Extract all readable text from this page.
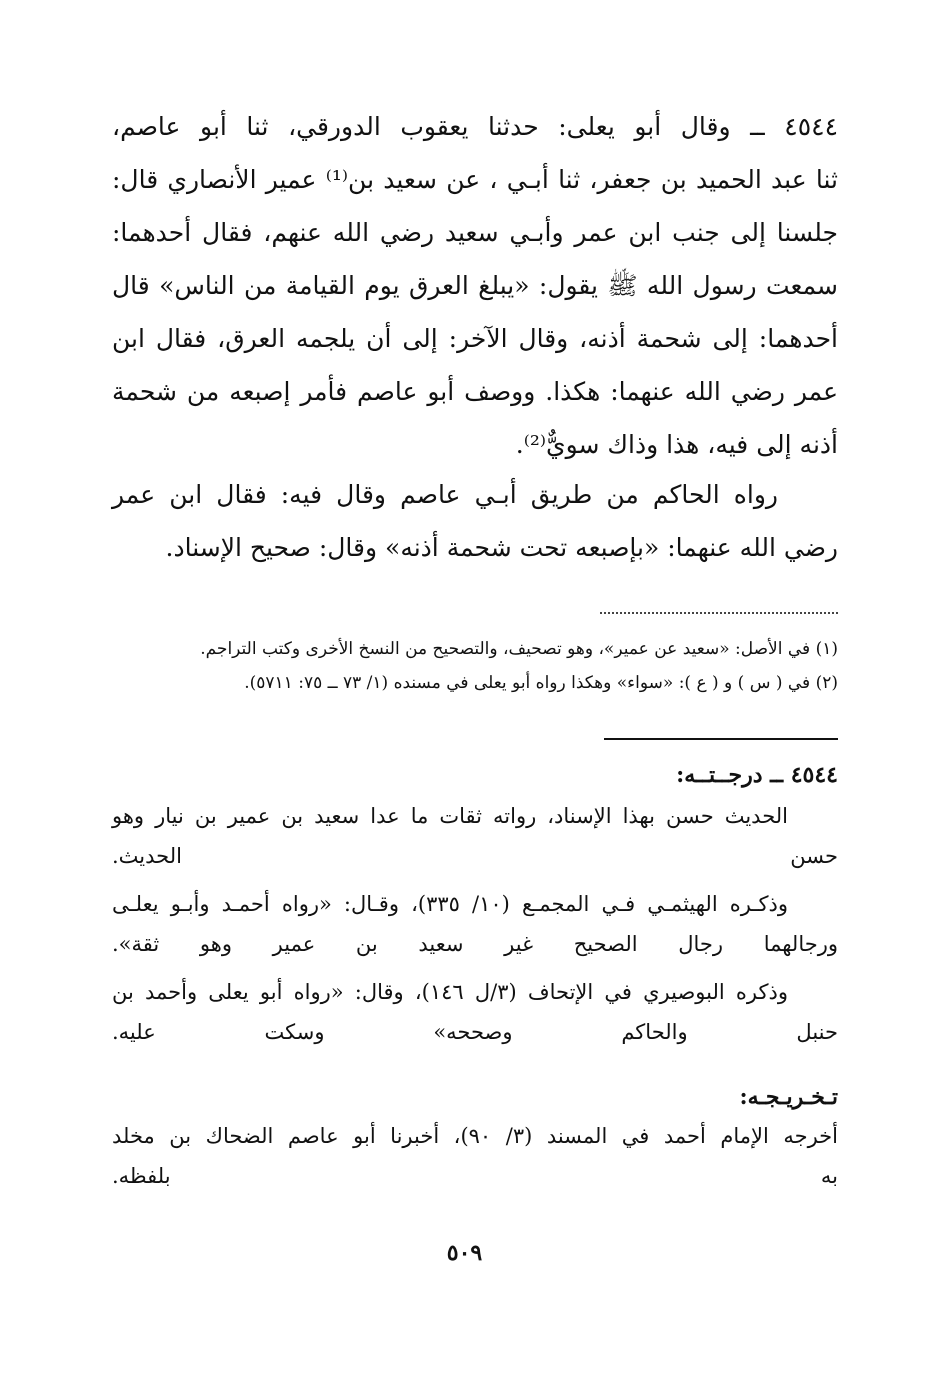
٤٥٤٤ ــ وقال أبو يعلى: حدثنا يعقوب الدورقي، ثنا أبو عاصم،

ثنا عبد الحميد بن جعفر، ثنا أبـي ، عن سعيد بن⁽¹⁾ عمير الأنصاري قال:

جلسنا إلى جنب ابن عمر وأبـي سعيد رضي الله عنهم، فقال أحدهما:

سمعت رسول الله ﷺ يقول: «يبلغ العرق يوم القيامة من الناس» قال

أحدهما: إلى شحمة أذنه، وقال الآخر: إلى أن يلجمه العرق، فقال ابن

عمر رضي الله عنهما: هكذا. ووصف أبو عاصم فأمر إصبعه من شحمة

أذنه إلى فيه، هذا وذاك سويٌّ⁽²⁾.

رواه الحاكم من طريق أبـي عاصم وقال فيه: فقال ابن عمر

رضي الله عنهما: «بإصبعه تحت شحمة أذنه» وقال: صحيح الإسناد.

(١) في الأصل: «سعيد عن عمير»، وهو تصحيف، والتصحيح من النسخ الأخرى وكتب التراجم.

(٢) في ( س ) و ( ع ): «سواء» وهكذا رواه أبو يعلى في مسنده (١/ ٧٣ ــ ٧٥: ٥٧١١).

٤٥٤٤ ــ درجــتــه:

الحديث حسن بهذا الإسناد، رواته ثقات ما عدا سعيد بن عمير بن نيار وهو

حسن الحديث.

وذكـره الهيثمـي فـي المجمـع (١٠/ ٣٣٥)، وقـال: «رواه أحمـد وأبـو يعلـى

ورجالهما رجال الصحيح غير سعيد بن عمير وهو ثقة».

وذكره البوصيري في الإتحاف (٣/ل ١٤٦)، وقال: «رواه أبو يعلى وأحمد بن

حنبل والحاكم وصححه» وسكت عليه.

تـخـريـجـه:

أخرجه الإمام أحمد في المسند (٣/ ٩٠)، أخبرنا أبو عاصم الضحاك بن مخلد

به بلفظه.

٥٠٩
